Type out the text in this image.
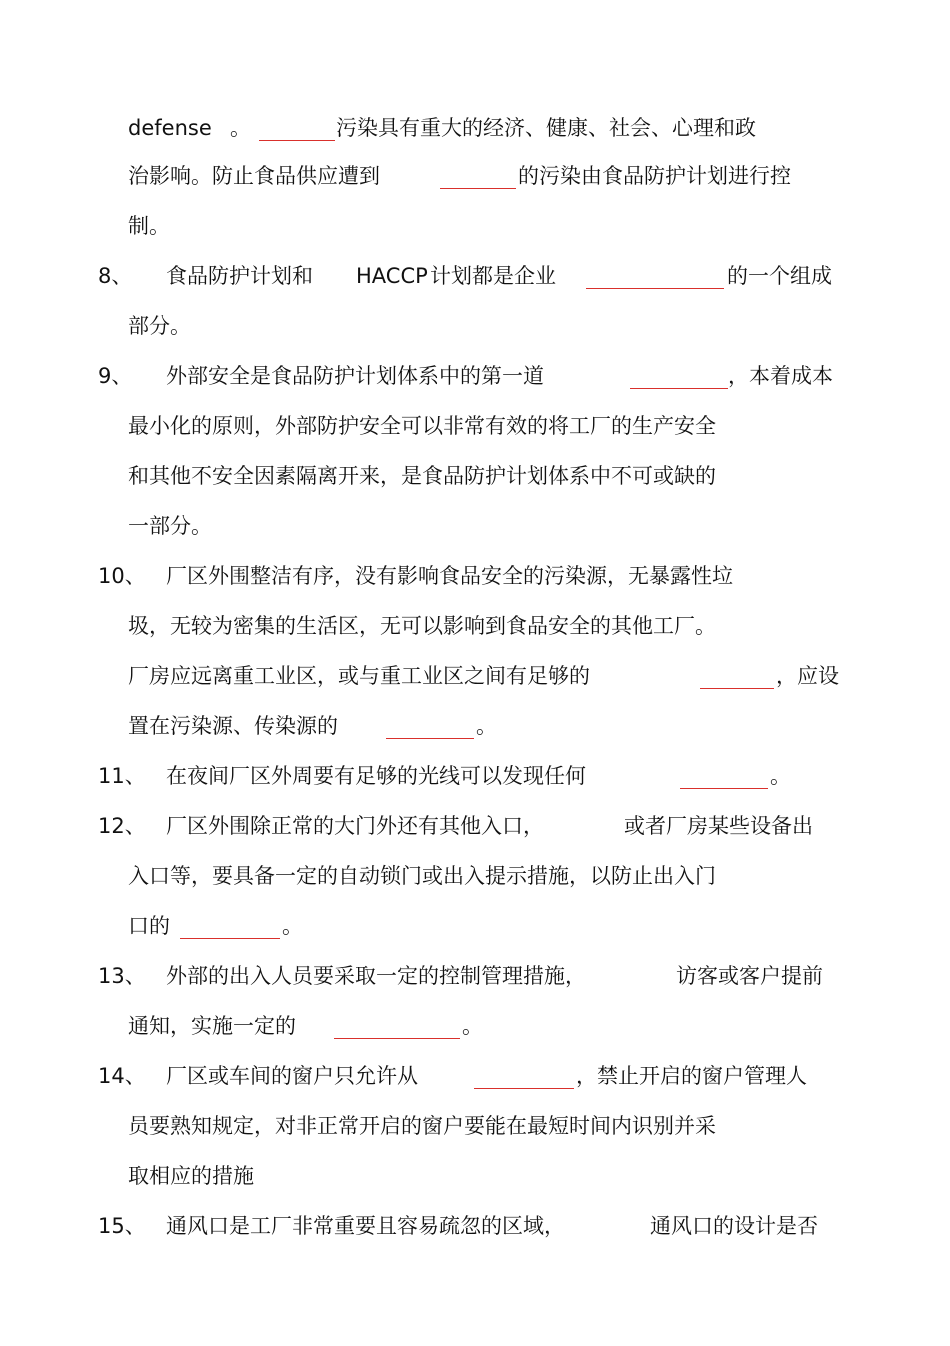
defense 。	污染具有重大的经济、健康、社会、心理和政
治影响。防止食品供应遭到	的污染由食品防护计划进行控
制。
8、 食品防护计划和 HACCP 计划都是企业	的一个组成
部分。
9、 外部安全是食品防护计划体系中的第一道	，本着成本
最小化的原则，外部防护安全可以非常有效的将工厂的生产安全
和其他不安全因素隔离开来，是食品防护计划体系中不可或缺的
一部分。
10、 厂区外围整洁有序，没有影响食品安全的污染源，无暴露性垃
圾，无较为密集的生活区，无可以影响到食品安全的其他工厂。
厂房应远离重工业区，或与重工业区之间有足够的	，应设
置在污染源、传染源的	。
11、 在夜间厂区外周要有足够的光线可以发现任何	。
12、 厂区外围除正常的大门外还有其他入口，	或者厂房某些设备出
入口等，要具备一定的自动锁门或出入提示措施，以防止出入门
口的	。
13、 外部的出入人员要采取一定的控制管理措施，	访客或客户提前
通知，实施一定的	。
14、 厂区或车间的窗户只允许从	，禁止开启的窗户管理人
员要熟知规定，对非正常开启的窗户要能在最短时间内识别并采
取相应的措施
15、 通风口是工厂非常重要且容易疏忽的区域，	通风口的设计是否
